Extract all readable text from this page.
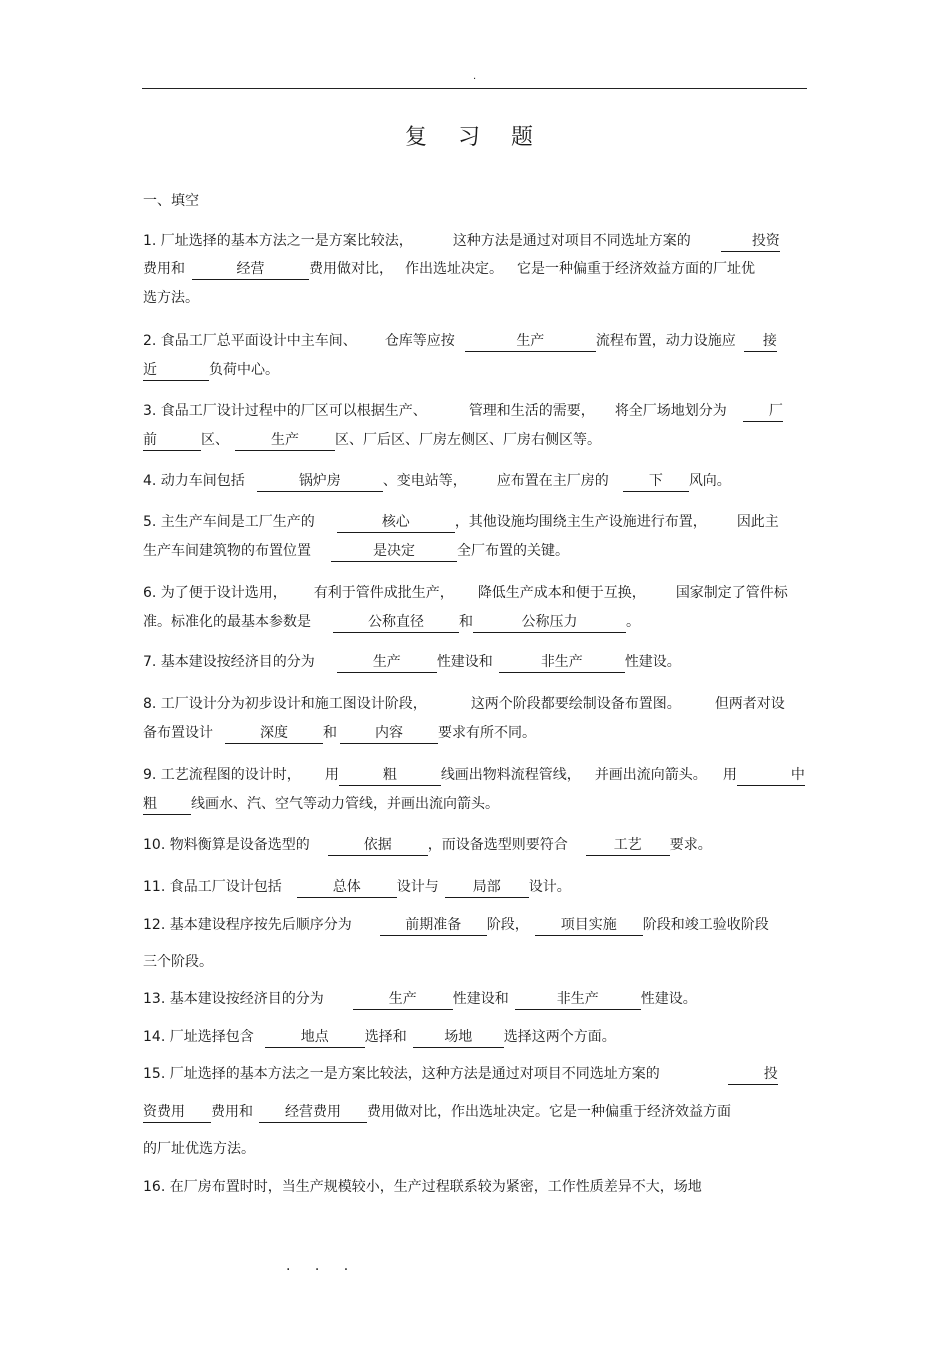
.
复 习 题
一、填空
1. 厂址选择的基本方法之一是方案比较法，	这种方法是通过对项目不同选址方案的	投资
费用和	经营	费用做对比， 作出选址决定。 它是一种偏重于经济效益方面的厂址优
选方法。
2. 食品工厂总平面设计中主车间、 仓库等应按	生产	流程布置，动力设施应 接
近	负荷中心。
3. 食品工厂设计过程中的厂区可以根据生产、	管理和生活的需要， 将全厂场地划分为	厂
前	区、	生产	区、厂后区、厂房左侧区、厂房右侧区等。
4. 动力车间包括	锅炉房	、变电站等， 应布置在主厂房的	下 风向。
5. 主生产车间是工厂生产的	核心	，其他设施均围绕主生产设施进行布置， 因此主
生产车间建筑物的布置位置	是决定	全厂布置的关键。
6. 为了便于设计选用， 有利于管件成批生产， 降低生产成本和便于互换， 国家制定了管件标
准。标准化的最基本参数是	公称直径	和	公称压力	。
7. 基本建设按经济目的分为	生产	性建设和	非生产	性建设。
8. 工厂设计分为初步设计和施工图设计阶段，	这两个阶段都要绘制设备布置图。 但两者对设
备布置设计	深度	和	内容	要求有所不同。
9. 工艺流程图的设计时， 用	粗	线画出物料流程管线， 并画出流向箭头。 用	中
粗 线画水、汽、空气等动力管线，并画出流向箭头。
10. 物料衡算是设备选型的	依据	，而设备选型则要符合	工艺 要求。
11. 食品工厂设计包括	总体	设计与 局部 设计。
12. 基本建设程序按先后顺序分为	前期准备 阶段， 项目实施 阶段和竣工验收阶段
三个阶段。
13. 基本建设按经济目的分为	生产	性建设和	非生产	性建设。
14. 厂址选择包含	地点	选择和	场地 选择这两个方面。
15. 厂址选择的基本方法之一是方案比较法，这种方法是通过对项目不同选址方案的	投
资费用 费用和 经营费用 费用做对比，作出选址决定。它是一种偏重于经济效益方面
的厂址优选方法。
16. 在厂房布置时时，当生产规模较小，生产过程联系较为紧密，工作性质差异不大，场地
. . .
